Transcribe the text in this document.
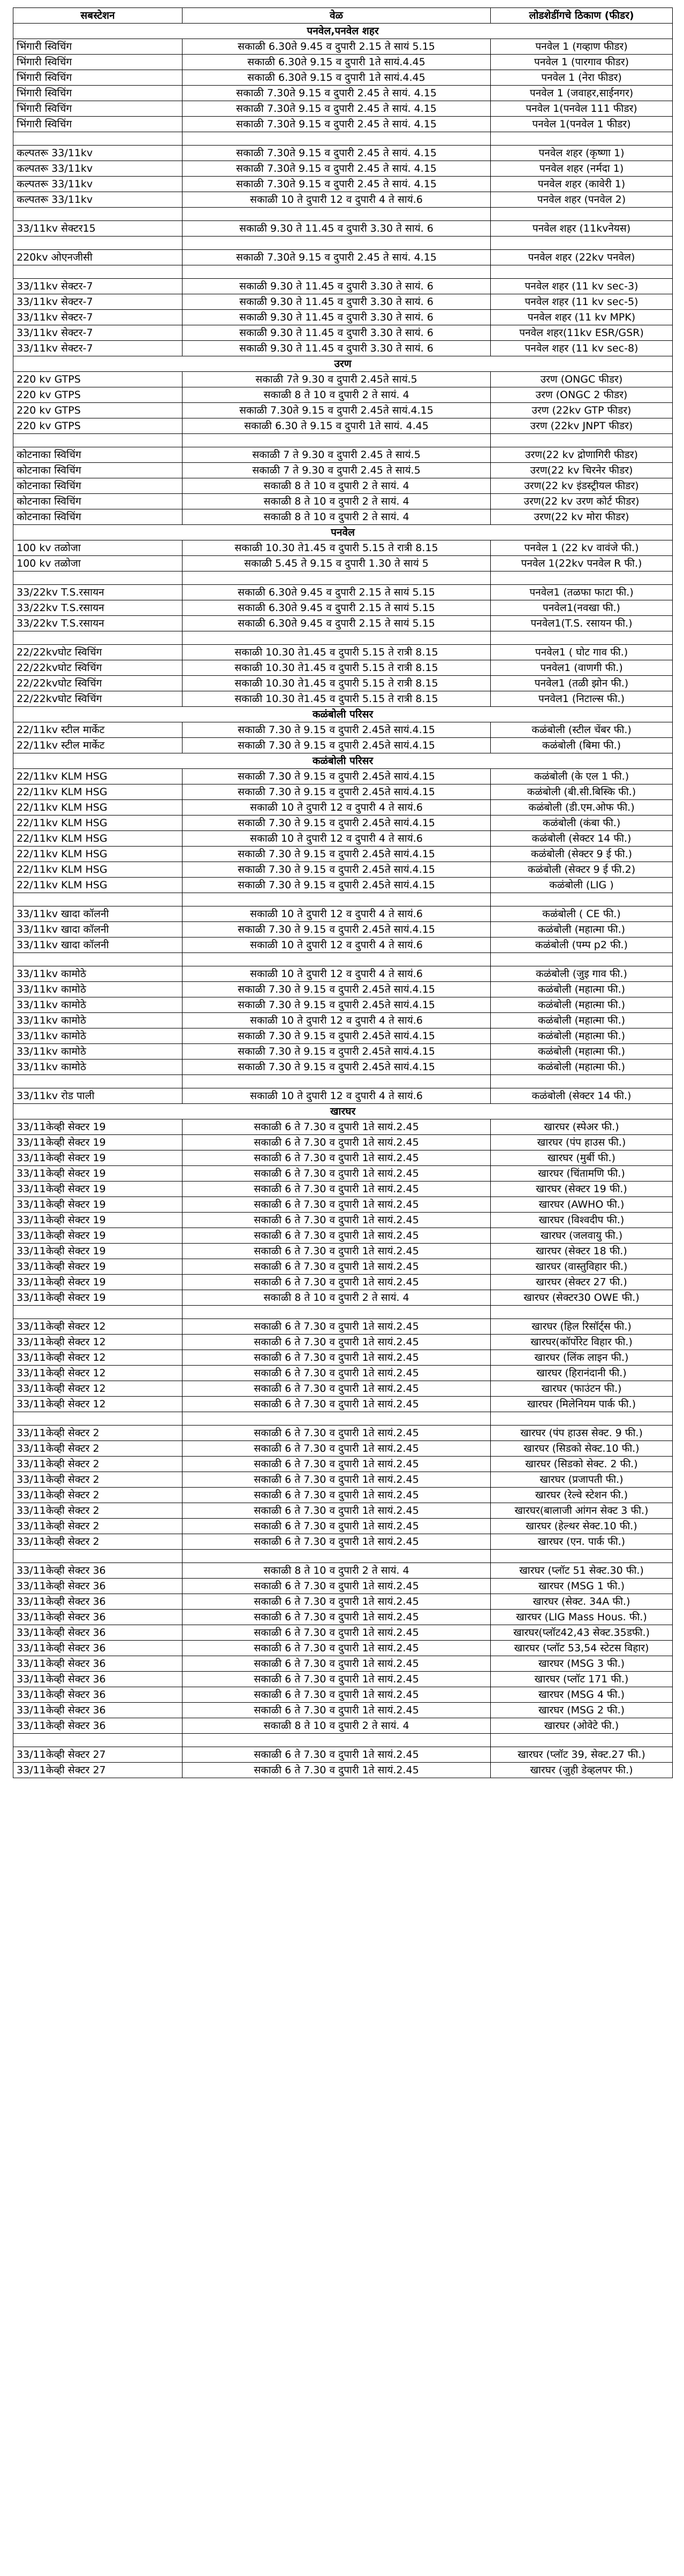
सबस्टेशन	वेळ	लोडशेडींगचे ठिकाण (फीडर)
पनवेल,पनवेल शहर		
भिंगारी स्विचिंग	सकाळी 6.30ते 9.45 व दुपारी 2.15 ते सायं 5.15	पनवेल 1 (गव्हाण फीडर)
भिंगारी स्विचिंग	सकाळी 6.30ते 9.15 व दुपारी 1ते सायं.4.45	पनवेल 1 (पारगाव फीडर)
भिंगारी स्विचिंग	सकाळी 6.30ते 9.15 व दुपारी 1ते सायं.4.45	पनवेल 1 (नेरा फीडर)
भिंगारी स्विचिंग	सकाळी 7.30ते 9.15 व दुपारी 2.45 ते सायं. 4.15	पनवेल 1 (जवाहर,साईनगर)
भिंगारी स्विचिंग	सकाळी 7.30ते 9.15 व दुपारी 2.45 ते सायं. 4.15	पनवेल 1(पनवेल 111 फीडर)
भिंगारी स्विचिंग	सकाळी 7.30ते 9.15 व दुपारी 2.45 ते सायं. 4.15	पनवेल 1(पनवेल 1 फीडर)

कल्पतरू 33/11kv	सकाळी 7.30ते 9.15 व दुपारी 2.45 ते सायं. 4.15	पनवेल शहर (कृष्णा 1)
कल्पतरू 33/11kv	सकाळी 7.30ते 9.15 व दुपारी 2.45 ते सायं. 4.15	पनवेल शहर (नर्मदा 1)
कल्पतरू 33/11kv	सकाळी 7.30ते 9.15 व दुपारी 2.45 ते सायं. 4.15	पनवेल शहर (कावेरी 1)
कल्पतरू 33/11kv	सकाळी 10 ते दुपारी 12 व दुपारी 4 ते सायं.6	पनवेल शहर (पनवेल 2)

33/11kv सेक्टर15	सकाळी 9.30 ते 11.45 व दुपारी 3.30 ते सायं. 6	पनवेल शहर (11kvनेयस)

220kv ओएनजीसी	सकाळी 7.30ते 9.15 व दुपारी 2.45 ते सायं. 4.15	पनवेल शहर (22kv पनवेल)

33/11kv सेक्टर-7	सकाळी 9.30 ते 11.45 व दुपारी 3.30 ते सायं. 6	पनवेल शहर (11 kv sec-3)
33/11kv सेक्टर-7	सकाळी 9.30 ते 11.45 व दुपारी 3.30 ते सायं. 6	पनवेल शहर (11 kv sec-5)
33/11kv सेक्टर-7	सकाळी 9.30 ते 11.45 व दुपारी 3.30 ते सायं. 6	पनवेल शहर (11 kv MPK)
33/11kv सेक्टर-7	सकाळी 9.30 ते 11.45 व दुपारी 3.30 ते सायं. 6	पनवेल शहर(11kv ESR/GSR)
33/11kv सेक्टर-7	सकाळी 9.30 ते 11.45 व दुपारी 3.30 ते सायं. 6	पनवेल शहर (11 kv sec-8)
उरण		
220 kv GTPS	सकाळी 7ते 9.30 व दुपारी 2.45ते सायं.5	उरण (ONGC फीडर)
220 kv GTPS	सकाळी 8 ते 10 व दुपारी 2 ते सायं. 4	उरण (ONGC 2 फीडर)
220 kv GTPS	सकाळी 7.30ते 9.15 व दुपारी 2.45ते सायं.4.15	उरण (22kv GTP फीडर)
220 kv GTPS	सकाळी 6.30 ते 9.15 व दुपारी 1ते सायं. 4.45	उरण (22kv JNPT फीडर)

कोटनाका स्विचिंग	सकाळी 7 ते 9.30 व दुपारी 2.45 ते सायं.5	उरण(22 kv द्रोणागिरी फीडर)
कोटनाका स्विचिंग	सकाळी 7 ते 9.30 व दुपारी 2.45 ते सायं.5	उरण(22 kv चिरनेर फीडर)
कोटनाका स्विचिंग	सकाळी 8 ते 10 व दुपारी 2 ते सायं. 4	उरण(22 kv इंडस्ट्रीयल फीडर)
कोटनाका स्विचिंग	सकाळी 8 ते 10 व दुपारी 2 ते सायं. 4	उरण(22 kv उरण कोर्ट फीडर)
कोटनाका स्विचिंग	सकाळी 8 ते 10 व दुपारी 2 ते सायं. 4	उरण(22 kv मोरा फीडर)
पनवेल		
100 kv तळोजा	सकाळी 10.30 ते1.45 व दुपारी 5.15 ते रात्री 8.15	पनवेल 1 (22 kv वावंजे फी.)
100 kv तळोजा	सकाळी 5.45 ते 9.15 व दुपारी 1.30 ते सायं 5	पनवेल 1(22kv पनवेल R फी.)

33/22kv T.S.रसायन	सकाळी 6.30ते 9.45 व दुपारी 2.15 ते सायं 5.15	पनवेल1 (तळफा फाटा फी.)
33/22kv T.S.रसायन	सकाळी 6.30ते 9.45 व दुपारी 2.15 ते सायं 5.15	पनवेल1(नवखा फी.)
33/22kv T.S.रसायन	सकाळी 6.30ते 9.45 व दुपारी 2.15 ते सायं 5.15	पनवेल1(T.S. रसायन फी.)

22/22kvघोट स्विचिंग	सकाळी 10.30 ते1.45 व दुपारी 5.15 ते रात्री 8.15	पनवेल1 ( घोट गाव फी.)
22/22kvघोट स्विचिंग	सकाळी 10.30 ते1.45 व दुपारी 5.15 ते रात्री 8.15	पनवेल1 (वाणगी फी.)
22/22kvघोट स्विचिंग	सकाळी 10.30 ते1.45 व दुपारी 5.15 ते रात्री 8.15	पनवेल1 (तळी झोन फी.)
22/22kvघोट स्विचिंग	सकाळी 10.30 ते1.45 व दुपारी 5.15 ते रात्री 8.15	पनवेल1 (निटाल्स फी.)
कळंबोली परिसर		
22/11kv स्टील मार्केट	सकाळी 7.30 ते 9.15 व दुपारी 2.45ते सायं.4.15	कळंबोली (स्टील चेंबर फी.)
22/11kv स्टील मार्केट	सकाळी 7.30 ते 9.15 व दुपारी 2.45ते सायं.4.15	कळंबोली (बिमा फी.)
कळंबोली परिसर		
22/11kv KLM HSG	सकाळी 7.30 ते 9.15 व दुपारी 2.45ते सायं.4.15	कळंबोली (के एल 1 फी.)
22/11kv KLM HSG	सकाळी 7.30 ते 9.15 व दुपारी 2.45ते सायं.4.15	कळंबोली (बी.सी.बिस्कि फी.)
22/11kv KLM HSG	सकाळी 10 ते दुपारी 12 व दुपारी 4 ते सायं.6	कळंबोली (डी.एम.ओफ फी.)
22/11kv KLM HSG	सकाळी 7.30 ते 9.15 व दुपारी 2.45ते सायं.4.15	कळंबोली (कंबा फी.)
22/11kv KLM HSG	सकाळी 10 ते दुपारी 12 व दुपारी 4 ते सायं.6	कळंबोली (सेक्टर 14 फी.)
22/11kv KLM HSG	सकाळी 7.30 ते 9.15 व दुपारी 2.45ते सायं.4.15	कळंबोली (सेक्टर 9 ई फी.)
22/11kv KLM HSG	सकाळी 7.30 ते 9.15 व दुपारी 2.45ते सायं.4.15	कळंबोली (सेक्टर 9 ई फी.2)
22/11kv KLM HSG	सकाळी 7.30 ते 9.15 व दुपारी 2.45ते सायं.4.15	कळंबोली (LIG )

33/11kv खादा कॉलनी	सकाळी 10 ते दुपारी 12 व दुपारी 4 ते सायं.6	कळंबोली ( CE फी.)
33/11kv खादा कॉलनी	सकाळी 7.30 ते 9.15 व दुपारी 2.45ते सायं.4.15	कळंबोली (महात्मा फी.)
33/11kv खादा कॉलनी	सकाळी 10 ते दुपारी 12 व दुपारी 4 ते सायं.6	कळंबोली (पम्प p2 फी.)

33/11kv कामोठे	सकाळी 10 ते दुपारी 12 व दुपारी 4 ते सायं.6	कळंबोली (जुइ गाव फी.)
33/11kv कामोठे	सकाळी 7.30 ते 9.15 व दुपारी 2.45ते सायं.4.15	कळंबोली (महात्मा फी.)
33/11kv कामोठे	सकाळी 7.30 ते 9.15 व दुपारी 2.45ते सायं.4.15	कळंबोली (महात्मा फी.)
33/11kv कामोठे	सकाळी 10 ते दुपारी 12 व दुपारी 4 ते सायं.6	कळंबोली (महात्मा फी.)
33/11kv कामोठे	सकाळी 7.30 ते 9.15 व दुपारी 2.45ते सायं.4.15	कळंबोली (महात्मा फी.)
33/11kv कामोठे	सकाळी 7.30 ते 9.15 व दुपारी 2.45ते सायं.4.15	कळंबोली (महात्मा फी.)
33/11kv कामोठे	सकाळी 7.30 ते 9.15 व दुपारी 2.45ते सायं.4.15	कळंबोली (महात्मा फी.)

33/11kv रोड पाली	सकाळी 10 ते दुपारी 12 व दुपारी 4 ते सायं.6	कळंबोली (सेक्टर 14 फी.)
खारघर		
33/11केव्ही सेक्टर 19	सकाळी 6 ते 7.30 व दुपारी 1ते सायं.2.45	खारघर (स्पेअर फी.)
33/11केव्ही सेक्टर 19	सकाळी 6 ते 7.30 व दुपारी 1ते सायं.2.45	खारघर (पंप हाउस फी.)
33/11केव्ही सेक्टर 19	सकाळी 6 ते 7.30 व दुपारी 1ते सायं.2.45	खारघर (मुर्बी फी.)
33/11केव्ही सेक्टर 19	सकाळी 6 ते 7.30 व दुपारी 1ते सायं.2.45	खारघर (चिंतामणि फी.)
33/11केव्ही सेक्टर 19	सकाळी 6 ते 7.30 व दुपारी 1ते सायं.2.45	खारघर (सेक्टर 19 फी.)
33/11केव्ही सेक्टर 19	सकाळी 6 ते 7.30 व दुपारी 1ते सायं.2.45	खारघर (AWHO फी.)
33/11केव्ही सेक्टर 19	सकाळी 6 ते 7.30 व दुपारी 1ते सायं.2.45	खारघर (विश्वदीप फी.)
33/11केव्ही सेक्टर 19	सकाळी 6 ते 7.30 व दुपारी 1ते सायं.2.45	खारघर (जलवायु फी.)
33/11केव्ही सेक्टर 19	सकाळी 6 ते 7.30 व दुपारी 1ते सायं.2.45	खारघर (सेक्टर 18 फी.)
33/11केव्ही सेक्टर 19	सकाळी 6 ते 7.30 व दुपारी 1ते सायं.2.45	खारघर (वास्तुविहार फी.)
33/11केव्ही सेक्टर 19	सकाळी 6 ते 7.30 व दुपारी 1ते सायं.2.45	खारघर (सेक्टर 27 फी.)
33/11केव्ही सेक्टर 19	सकाळी 8 ते 10 व दुपारी 2 ते सायं. 4	खारघर (सेक्टर30 OWE फी.)

33/11केव्ही सेक्टर 12	सकाळी 6 ते 7.30 व दुपारी 1ते सायं.2.45	खारघर (हिल रिसॉर्ट्स फी.)
33/11केव्ही सेक्टर 12	सकाळी 6 ते 7.30 व दुपारी 1ते सायं.2.45	खारघर(कॉर्पोरेट विहार फी.)
33/11केव्ही सेक्टर 12	सकाळी 6 ते 7.30 व दुपारी 1ते सायं.2.45	खारघर (लिंक लाइन फी.)
33/11केव्ही सेक्टर 12	सकाळी 6 ते 7.30 व दुपारी 1ते सायं.2.45	खारघर (हिरानंदानी फी.)
33/11केव्ही सेक्टर 12	सकाळी 6 ते 7.30 व दुपारी 1ते सायं.2.45	खारघर (फाउंटन फी.)
33/11केव्ही सेक्टर 12	सकाळी 6 ते 7.30 व दुपारी 1ते सायं.2.45	खारघर (मिलेनियम पार्क फी.)

33/11केव्ही सेक्टर 2	सकाळी 6 ते 7.30 व दुपारी 1ते सायं.2.45	खारघर (पंप हाउस सेक्ट. 9 फी.)
33/11केव्ही सेक्टर 2	सकाळी 6 ते 7.30 व दुपारी 1ते सायं.2.45	खारघर (सिडको सेक्ट.10 फी.)
33/11केव्ही सेक्टर 2	सकाळी 6 ते 7.30 व दुपारी 1ते सायं.2.45	खारघर (सिडको सेक्ट. 2 फी.)
33/11केव्ही सेक्टर 2	सकाळी 6 ते 7.30 व दुपारी 1ते सायं.2.45	खारघर (प्रजापती फी.)
33/11केव्ही सेक्टर 2	सकाळी 6 ते 7.30 व दुपारी 1ते सायं.2.45	खारघर (रेल्वे स्टेशन फी.)
33/11केव्ही सेक्टर 2	सकाळी 6 ते 7.30 व दुपारी 1ते सायं.2.45	खारघर(बालाजी आंगन सेक्ट 3 फी.)
33/11केव्ही सेक्टर 2	सकाळी 6 ते 7.30 व दुपारी 1ते सायं.2.45	खारघर (हेल्थर सेक्ट.10 फी.)
33/11केव्ही सेक्टर 2	सकाळी 6 ते 7.30 व दुपारी 1ते सायं.2.45	खारघर (एन. पार्क फी.)

33/11केव्ही सेक्टर 36	सकाळी 8 ते 10 व दुपारी 2 ते सायं. 4	खारघर (प्लॉट 51 सेक्ट.30 फी.)
33/11केव्ही सेक्टर 36	सकाळी 6 ते 7.30 व दुपारी 1ते सायं.2.45	खारघर (MSG 1 फी.)
33/11केव्ही सेक्टर 36	सकाळी 6 ते 7.30 व दुपारी 1ते सायं.2.45	खारघर (सेक्ट. 34A फी.)
33/11केव्ही सेक्टर 36	सकाळी 6 ते 7.30 व दुपारी 1ते सायं.2.45	खारघर (LIG Mass Hous. फी.)
33/11केव्ही सेक्टर 36	सकाळी 6 ते 7.30 व दुपारी 1ते सायं.2.45	खारघर(प्लॉट42,43 सेक्ट.35डफी.)
33/11केव्ही सेक्टर 36	सकाळी 6 ते 7.30 व दुपारी 1ते सायं.2.45	खारघर (प्लॉट 53,54 स्टेटस विहार)
33/11केव्ही सेक्टर 36	सकाळी 6 ते 7.30 व दुपारी 1ते सायं.2.45	खारघर (MSG 3 फी.)
33/11केव्ही सेक्टर 36	सकाळी 6 ते 7.30 व दुपारी 1ते सायं.2.45	खारघर (प्लॉट 171 फी.)
33/11केव्ही सेक्टर 36	सकाळी 6 ते 7.30 व दुपारी 1ते सायं.2.45	खारघर (MSG 4 फी.)
33/11केव्ही सेक्टर 36	सकाळी 6 ते 7.30 व दुपारी 1ते सायं.2.45	खारघर (MSG 2 फी.)
33/11केव्ही सेक्टर 36	सकाळी 8 ते 10 व दुपारी 2 ते सायं. 4	खारघर (ओवेटे फी.)

33/11केव्ही सेक्टर 27	सकाळी 6 ते 7.30 व दुपारी 1ते सायं.2.45	खारघर (प्लॉट 39, सेक्ट.27 फी.)
33/11केव्ही सेक्टर 27	सकाळी 6 ते 7.30 व दुपारी 1ते सायं.2.45	खारघर (जुही डेव्हलपर फी.)
